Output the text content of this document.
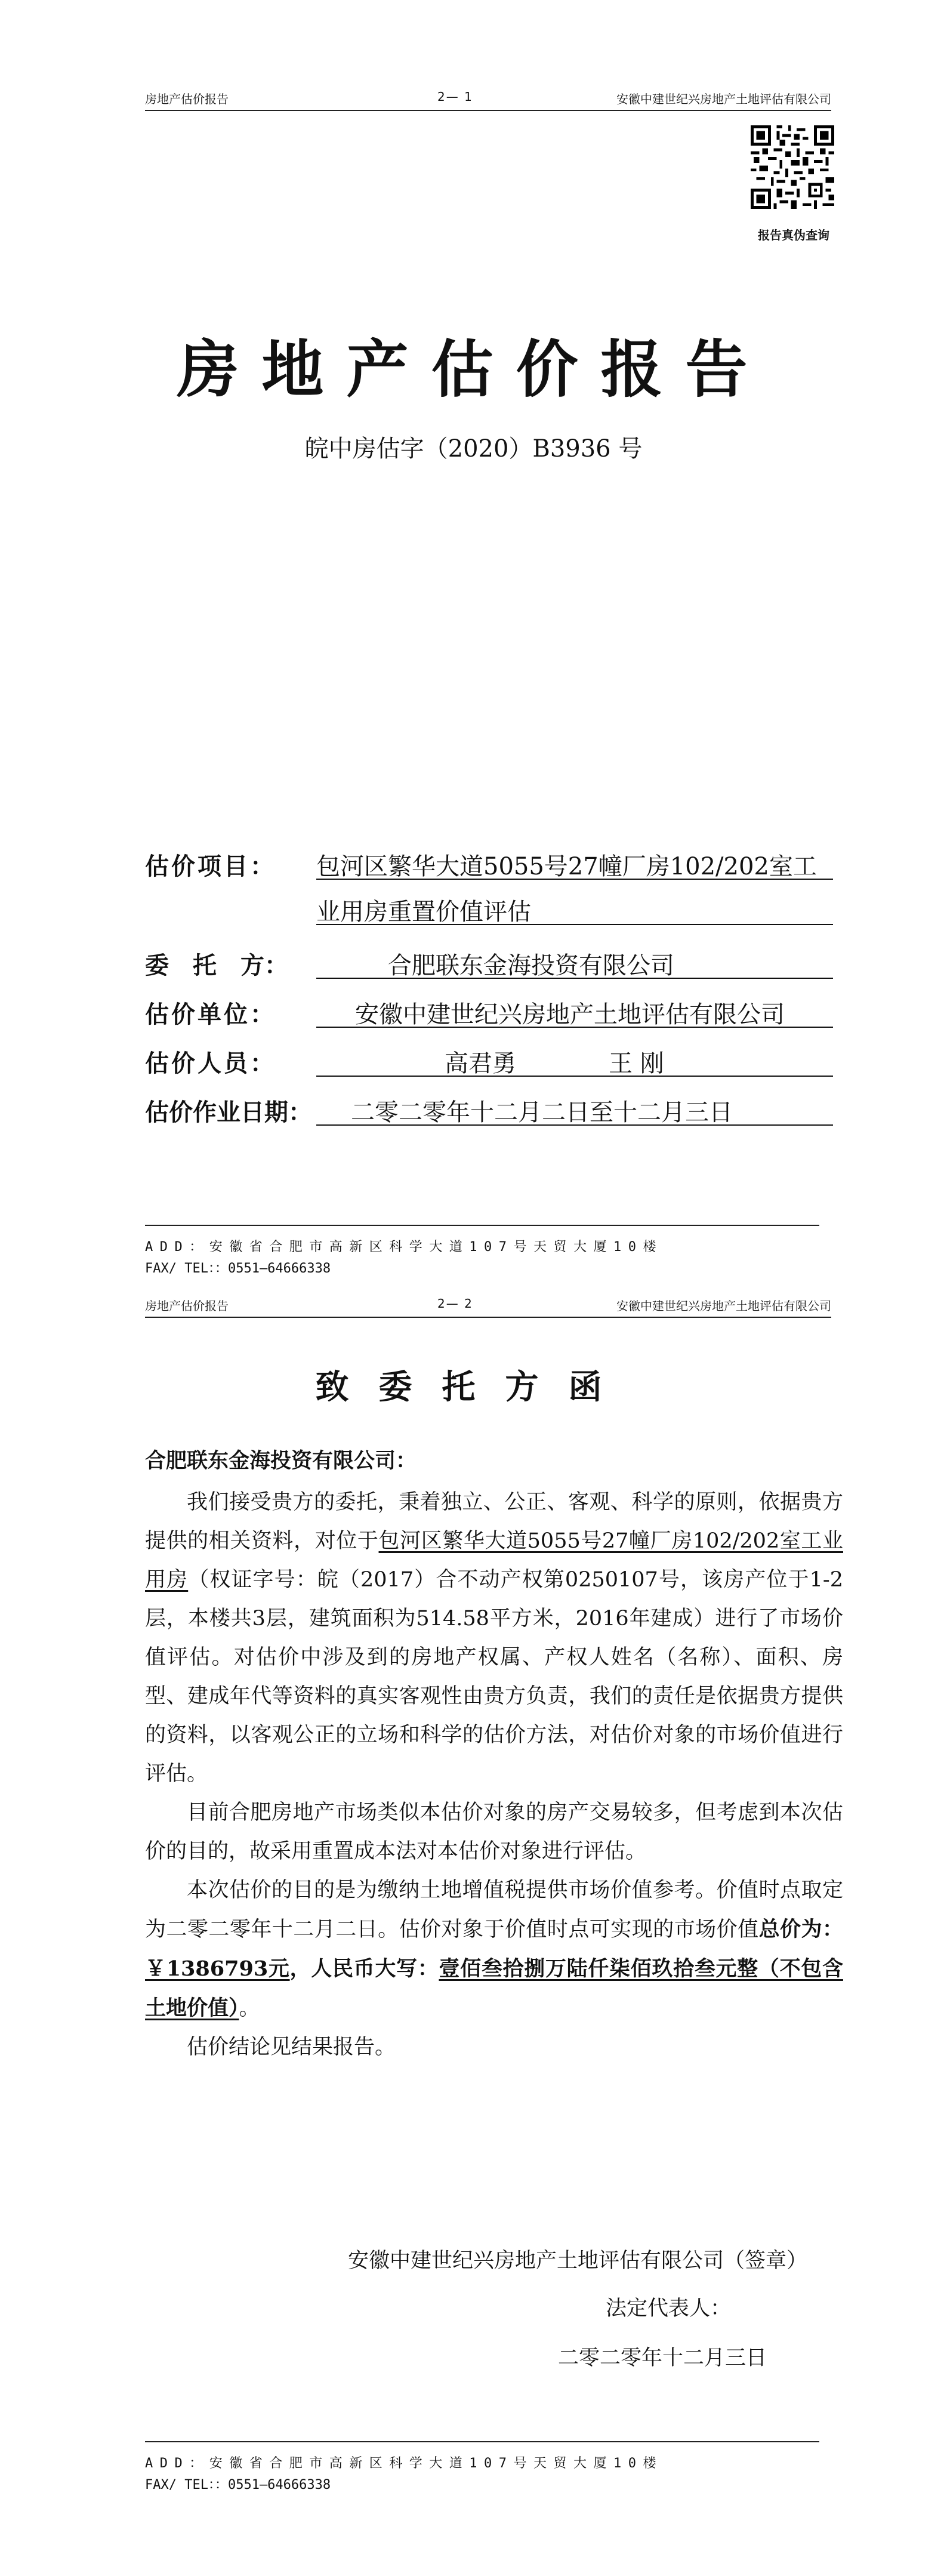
房地产估价报告	2— 1	安徽中建世纪兴房地产土地评估有限公司
报告真伪查询
房地产估价报告
皖中房估字（2020）B3936 号
估价项目： 包河区繁华大道5055号27幢厂房102/202室工
业用房重置价值评估
委　托　方：	合肥联东金海投资有限公司
估价单位：	安徽中建世纪兴房地产土地评估有限公司
估价人员：	高君勇	王 刚
估价作业日期： 二零二零年十二月二日至十二月三日
ADD：安徽省合肥市高新区科学大道107号天贸大厦10楼
FAX/ TEL：：0551—64666338
房地产估价报告	2— 2	安徽中建世纪兴房地产土地评估有限公司
致委托方函
合肥联东金海投资有限公司：

我们接受贵方的委托，秉着独立、公正、客观、科学的原则，依据贵方提供的相关资料，对位于包河区繁华大道5055号27幢厂房102/202室工业用房（权证字号：皖（2017）合不动产权第0250107号，该房产位于1-2层，本楼共3层，建筑面积为514.58平方米，2016年建成）进行了市场价值评估。对估价中涉及到的房地产权属、产权人姓名（名称）、面积、房型、建成年代等资料的真实客观性由贵方负责，我们的责任是依据贵方提供的资料，以客观公正的立场和科学的估价方法，对估价对象的市场价值进行评估。

目前合肥房地产市场类似本估价对象的房产交易较多，但考虑到本次估价的目的，故采用重置成本法对本估价对象进行评估。

本次估价的目的是为缴纳土地增值税提供市场价值参考。价值时点取定为二零二零年十二月二日。估价对象于价值时点可实现的市场价值总价为：￥1386793元，人民币大写：壹佰叁拾捌万陆仟柒佰玖拾叁元整（不包含土地价值）。

估价结论见结果报告。

安徽中建世纪兴房地产土地评估有限公司（签章）
法定代表人：
二零二零年十二月三日
ADD：安徽省合肥市高新区科学大道107号天贸大厦10楼
FAX/ TEL：：0551—64666338
